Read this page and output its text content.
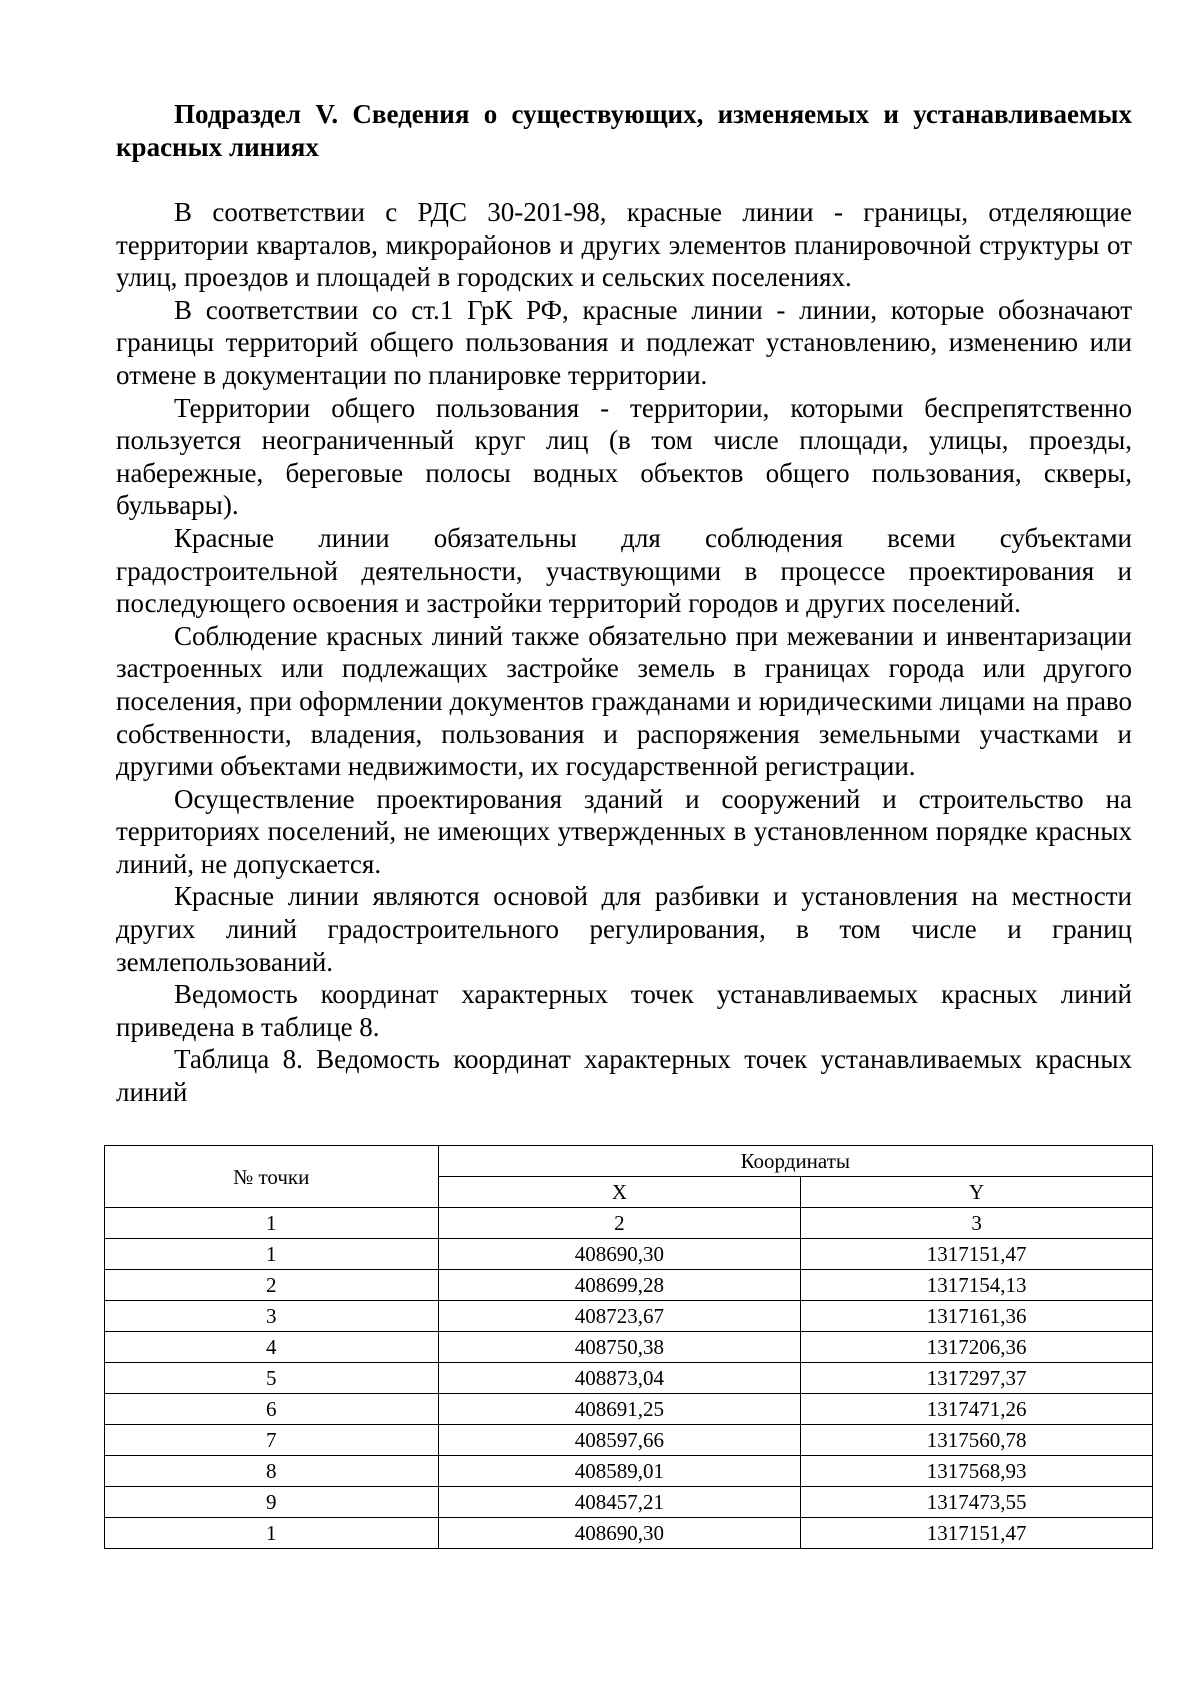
Подраздел V. Сведения о существующих, изменяемых и устанавливаемых красных линиях

В соответствии с РДС 30-201-98, красные линии - границы, отделяющие территории кварталов, микрорайонов и других элементов планировочной структуры от улиц, проездов и площадей в городских и сельских поселениях.

В соответствии со ст.1 ГрК РФ, красные линии - линии, которые обозначают границы территорий общего пользования и подлежат установлению, изменению или отмене в документации по планировке территории.

Территории общего пользования - территории, которыми беспрепятственно пользуется неограниченный круг лиц (в том числе площади, улицы, проезды, набережные, береговые полосы водных объектов общего пользования, скверы, бульвары).

Красные линии обязательны для соблюдения всеми субъектами градостроительной деятельности, участвующими в процессе проектирования и последующего освоения и застройки территорий городов и других поселений.

Соблюдение красных линий также обязательно при межевании и инвентаризации застроенных или подлежащих застройке земель в границах города или другого поселения, при оформлении документов гражданами и юридическими лицами на право собственности, владения, пользования и распоряжения земельными участками и другими объектами недвижимости, их государственной регистрации.

Осуществление проектирования зданий и сооружений и строительство на территориях поселений, не имеющих утвержденных в установленном порядке красных линий, не допускается.

Красные линии являются основой для разбивки и установления на местности других линий градостроительного регулирования, в том числе и границ землепользований.

Ведомость координат характерных точек устанавливаемых красных линий приведена в таблице 8.

Таблица 8. Ведомость координат характерных точек устанавливаемых красных линий

№ точки	Координаты	
	X	Y
1	2	3
1	408690,30	1317151,47
2	408699,28	1317154,13
3	408723,67	1317161,36
4	408750,38	1317206,36
5	408873,04	1317297,37
6	408691,25	1317471,26
7	408597,66	1317560,78
8	408589,01	1317568,93
9	408457,21	1317473,55
1	408690,30	1317151,47
